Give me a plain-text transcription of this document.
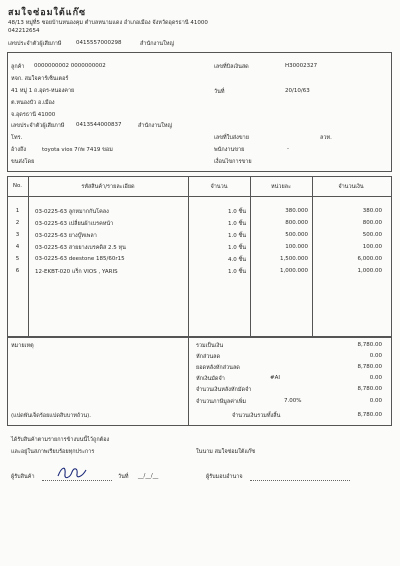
สมใจซ่อมใต้แก๊ซ
48/13 หมู่ที่5 ซอยบ้านหนองคุม ตำบลหนามแดง อำเภอเมือง จังหวัดอุดรธานี 41000
042212654
เลขประจำตัวผู้เสียภาษี	0415557000298	สำนักงานใหญ่
ลูกค้า 0000000002 0000000002
หจก. สมใจคาร์เซ็นเตอร์
41 หมู่ 1 ถ.อุดร-หนองคาย
ต.หนองบัว อ.เมือง
จ.อุดรธานี 41000
เลขประจำตัวผู้เสียภาษี 0413544000837	สำนักงานใหญ่
โทร.
อ้างถึง	toyota vios 7กพ 7419 ขอม
ขนส่งโดย
เลขที่บิลเงินสด	H30002327
วันที่	20/10/63
เลขที่ใบส่งขาย	ลวท.
พนักงานขาย	-
เงื่อนไขการขาย
No.	รหัสสินค้า/รายละเอียด	จำนวน	หน่วยละ	จำนวนเงิน
1	03-0225-63 ลูกหมากกันโคลง	1.0 ชิ้น	380.000	380.00
2	03-0225-63 เปลี่ยนผ้าเบรคหน้า	1.0 ชิ้น	800.000	800.00
3	03-0225-63 ยางบู๊ทเพลา	1.0 ชิ้น	500.000	500.00
4	03-0225-63 สายยางเบรคดิส 2.5 หุน	1.0 ชิ้น	100.000	100.00
5	03-0225-63 deestone 185/60r15	4.0 ชิ้น	1,500.000	6,000.00
6	12-EKBT-020 แร็ก VIOS , YARIS	1.0 ชิ้น	1,000.000	1,000.00
หมายเหตุ
(แปดพันเจ็ดร้อยแปดสิบบาทถ้วน).
รวมเป็นเงิน	8,780.00
หักส่วนลด	0.00
ยอดหลังหักส่วนลด	8,780.00
หักเงินมัดจำ	#AI	0.00
จำนวนเงินหลังหักมัดจำ	8,780.00
จำนวนภาษีมูลค่าเพิ่ม	7.00%	0.00
จำนวนเงินรวมทั้งสิ้น	8,780.00
ได้รับสินค้าตามรายการข้างบนนี้ไว้ถูกต้อง
และอยู่ในสภาพเรียบร้อยทุกประการ	ในนาม สมใจซ่อมใต้แก๊ซ
ผู้รับสินค้า	วันที่ __/__/__	ผู้รับมอบอำนาจ
